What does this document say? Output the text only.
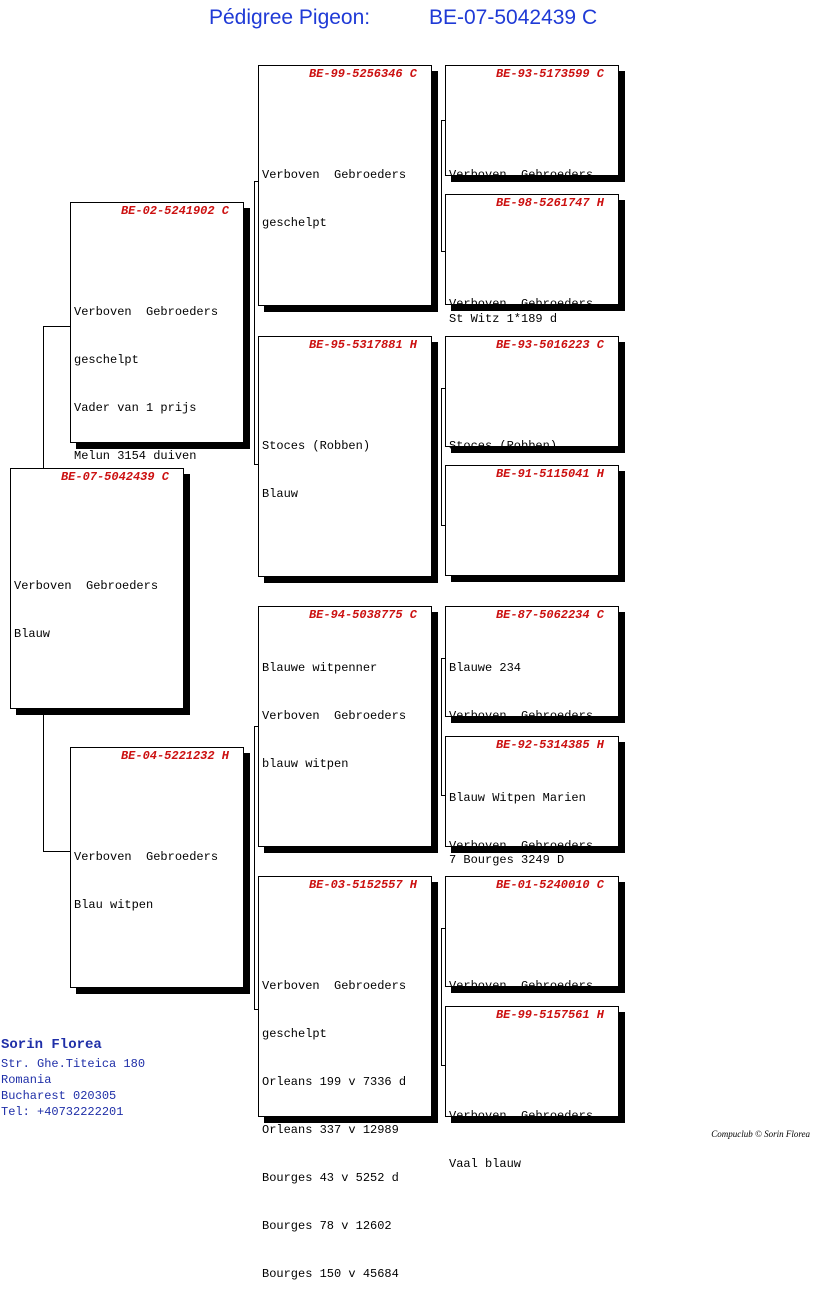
Pédigree Pigeon:	BE-07-5042439 C
BE-07-5042439 C

Verboven  Gebroeders

Blauw

BE-02-5241902 C

Verboven  Gebroeders

geschelpt

Vader van 1 prijs

Melun 3154 duiven

BE-04-5221232 H

Verboven  Gebroeders

Blau witpen

BE-99-5256346 C

Verboven  Gebroeders

geschelpt

BE-95-5317881 H

Stoces (Robben)

Blauw

BE-94-5038775 C

Blauwe witpenner

Verboven  Gebroeders

blauw witpen

BE-03-5152557 H

Verboven  Gebroeders

geschelpt

Orleans 199 v 7336 d

Orleans 337 v 12989

Bourges 43 v 5252 d

Bourges 78 v 12602

Bourges 150 v 45684

BE-93-5173599 C

Verboven  Gebroeders

St Witz 1*189 d

BE-98-5261747 H

Verboven  Gebroeders

BE-93-5016223 C

Stoces (Robben)

BE-91-5115041 H
BE-87-5062234 C

Blauwe 234

Verboven  Gebroeders

7 Bourges 3249 D

BE-92-5314385 H

Blauw Witpen Marien

Verboven  Gebroeders

BE-01-5240010 C

Verboven  Gebroeders

BE-99-5157561 H

Verboven  Gebroeders

Vaal blauw

Sorin Florea
Str. Ghe.Titeica 180
Romania
Bucharest 020305
Tel: +40732222201
Compuclub © Sorin Florea
